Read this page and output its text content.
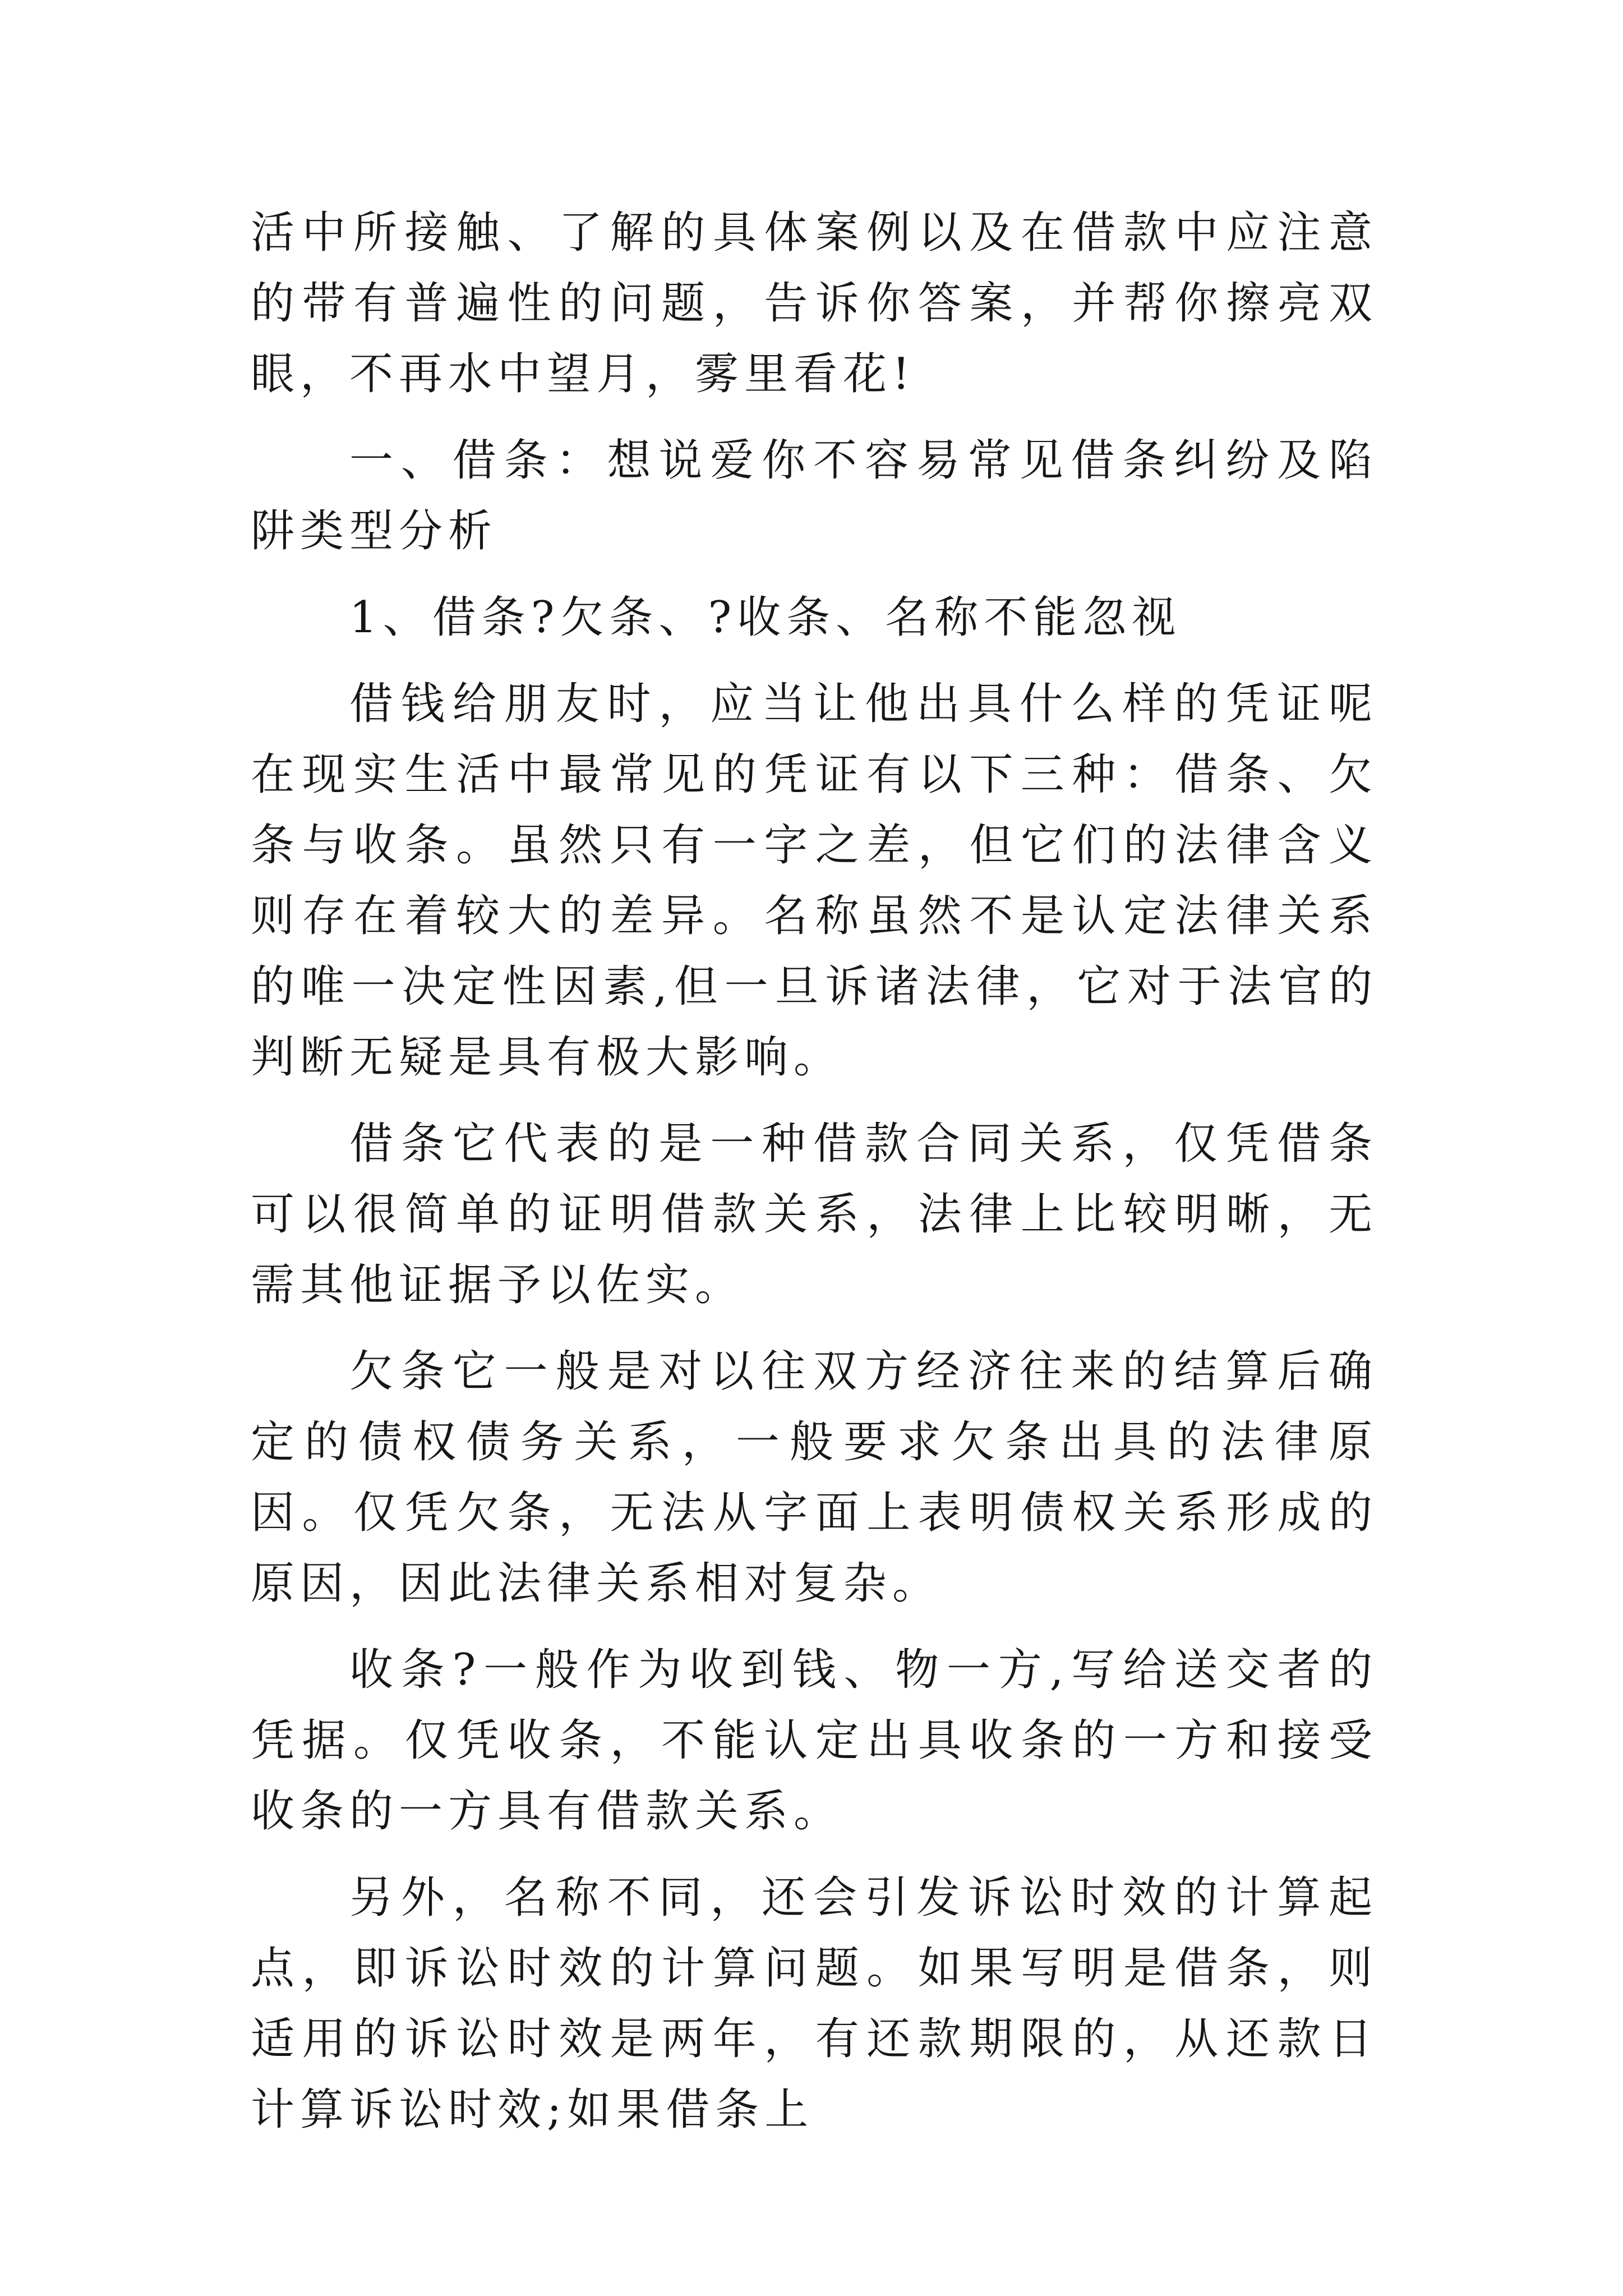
活中所接触、了解的具体案例以及在借款中应注意的带有普遍性的问题，告诉你答案，并帮你擦亮双眼，不再水中望月，雾里看花!

一、借条：想说爱你不容易常见借条纠纷及陷阱类型分析

1、借条?欠条、?收条、名称不能忽视

借钱给朋友时，应当让他出具什么样的凭证呢在现实生活中最常见的凭证有以下三种：借条、欠条与收条。虽然只有一字之差，但它们的法律含义则存在着较大的差异。名称虽然不是认定法律关系的唯一决定性因素,但一旦诉诸法律，它对于法官的判断无疑是具有极大影响。

借条它代表的是一种借款合同关系，仅凭借条可以很简单的证明借款关系，法律上比较明晰，无需其他证据予以佐实。

欠条它一般是对以往双方经济往来的结算后确定的债权债务关系，一般要求欠条出具的法律原因。仅凭欠条，无法从字面上表明债权关系形成的原因，因此法律关系相对复杂。

收条?一般作为收到钱、物一方,写给送交者的凭据。仅凭收条，不能认定出具收条的一方和接受收条的一方具有借款关系。

另外，名称不同，还会引发诉讼时效的计算起点，即诉讼时效的计算问题。如果写明是借条，则适用的诉讼时效是两年，有还款期限的，从还款日计算诉讼时效;如果借条上
